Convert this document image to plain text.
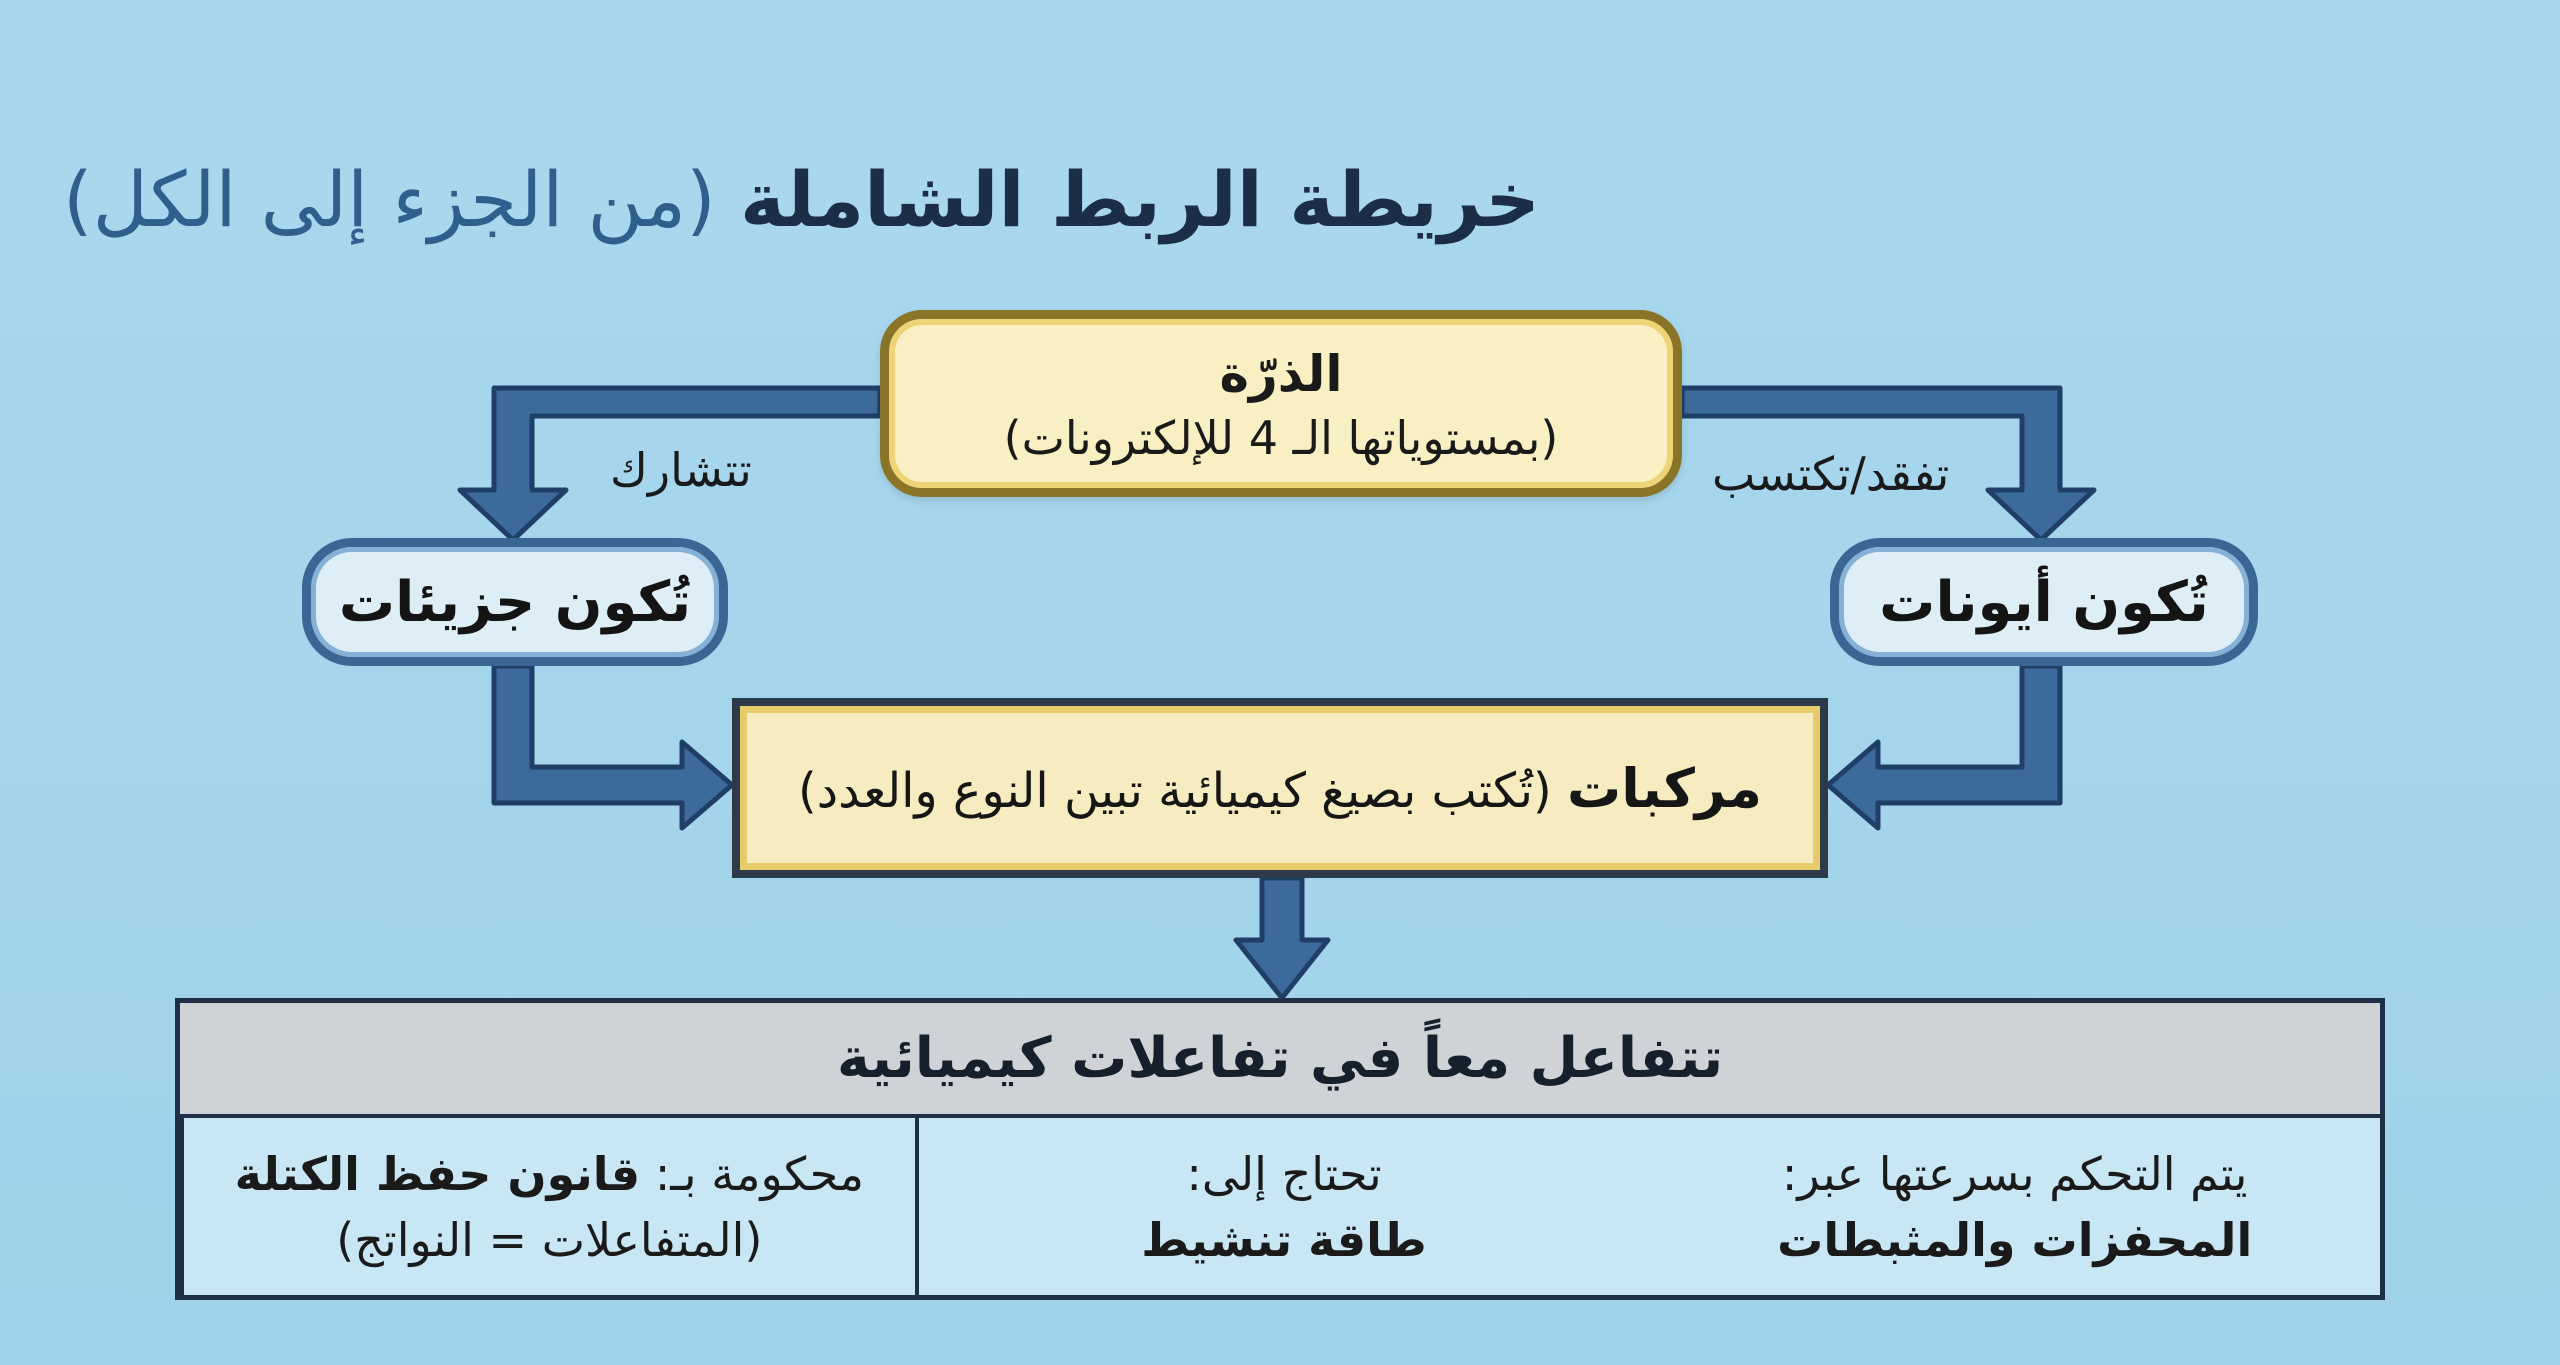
خريطة الربط الشاملة (من الجزء إلى الكل)
الذرّة
(بمستوياتها الـ 4 للإلكترونات)
تتشارك	تفقد/تكتسب
تُكون جزيئات	تُكون أيونات
مركبات (تُكتب بصيغ كيميائية تبين النوع والعدد)
تتفاعل معاً في تفاعلات كيميائية
يتم التحكم بسرعتها عبر:
المحفزات والمثبطات
تحتاج إلى:
طاقة تنشيط
محكومة بـ: قانون حفظ الكتلة
(المتفاعلات = النواتج)
